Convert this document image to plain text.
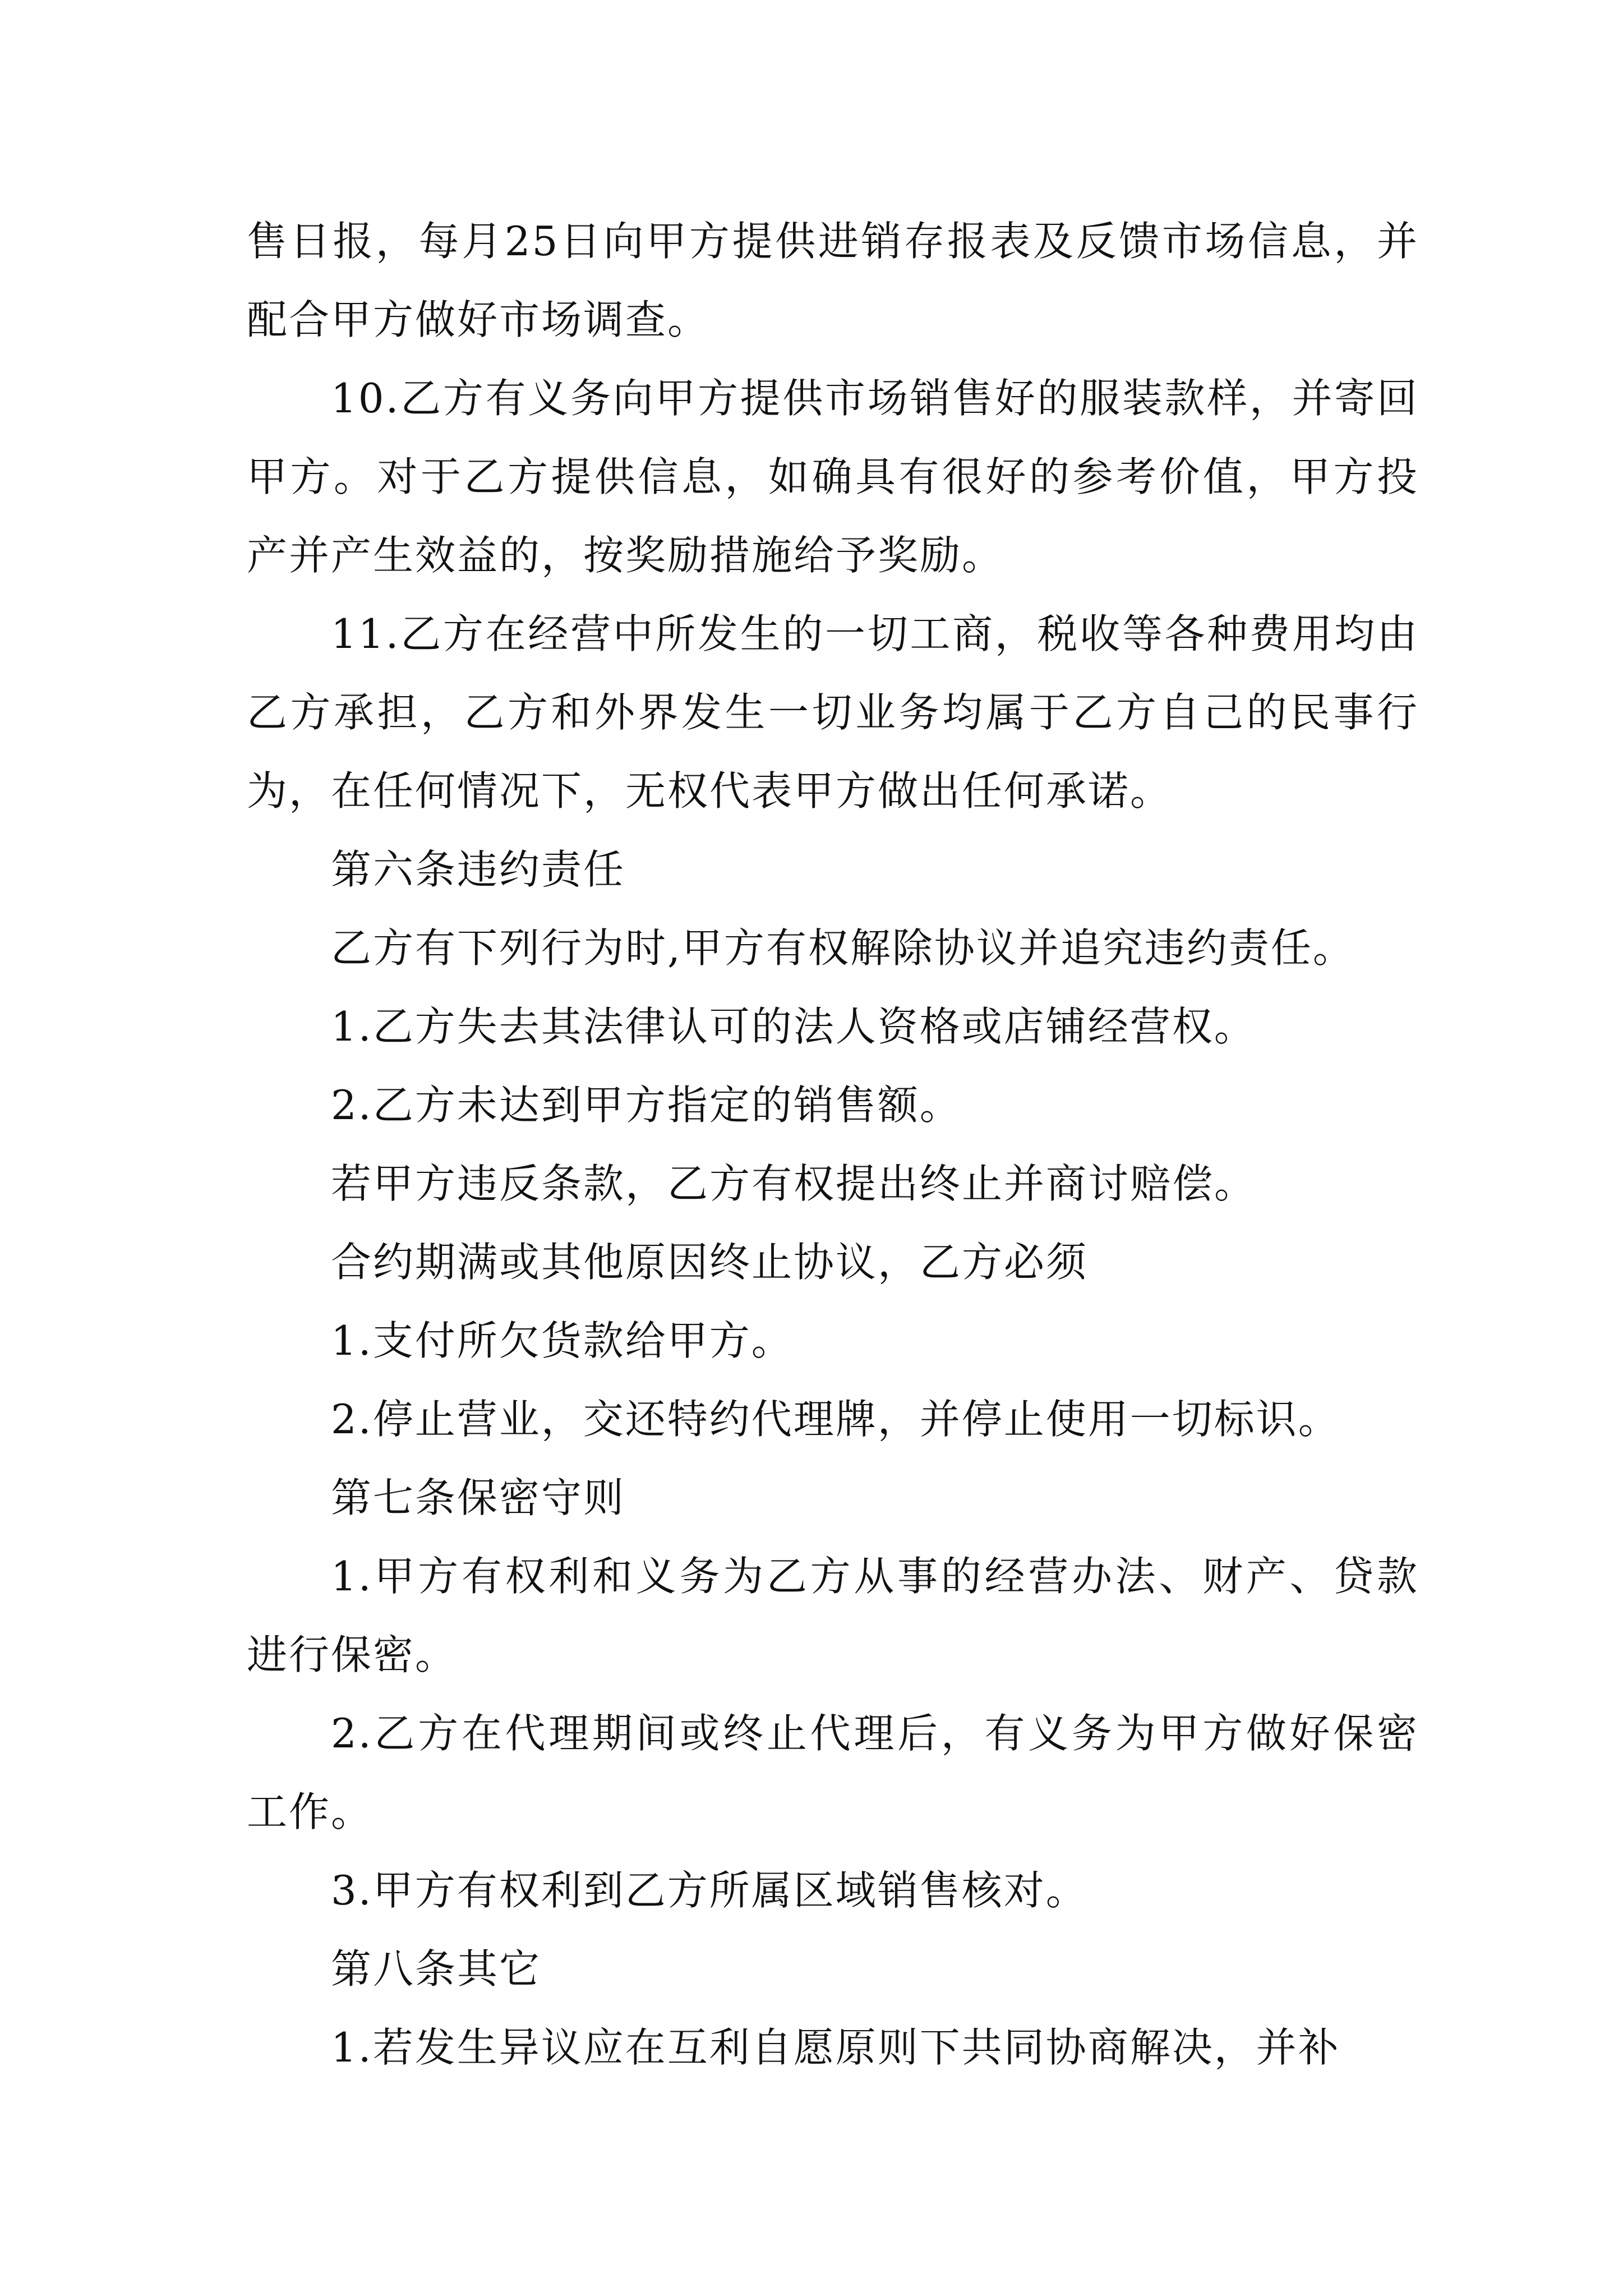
售日报，每月25日向甲方提供进销存报表及反馈市场信息，并配合甲方做好市场调查。

10.乙方有义务向甲方提供市场销售好的服装款样，并寄回甲方。对于乙方提供信息，如确具有很好的参考价值，甲方投产并产生效益的，按奖励措施给予奖励。

11.乙方在经营中所发生的一切工商，税收等各种费用均由乙方承担，乙方和外界发生一切业务均属于乙方自己的民事行为，在任何情况下，无权代表甲方做出任何承诺。

第六条违约责任

乙方有下列行为时,甲方有权解除协议并追究违约责任。

1.乙方失去其法律认可的法人资格或店铺经营权。

2.乙方未达到甲方指定的销售额。

若甲方违反条款，乙方有权提出终止并商讨赔偿。

合约期满或其他原因终止协议，乙方必须

1.支付所欠货款给甲方。

2.停止营业，交还特约代理牌，并停止使用一切标识。

第七条保密守则

1.甲方有权利和义务为乙方从事的经营办法、财产、贷款进行保密。

2.乙方在代理期间或终止代理后，有义务为甲方做好保密工作。

3.甲方有权利到乙方所属区域销售核对。

第八条其它

1.若发生异议应在互利自愿原则下共同协商解决，并补
